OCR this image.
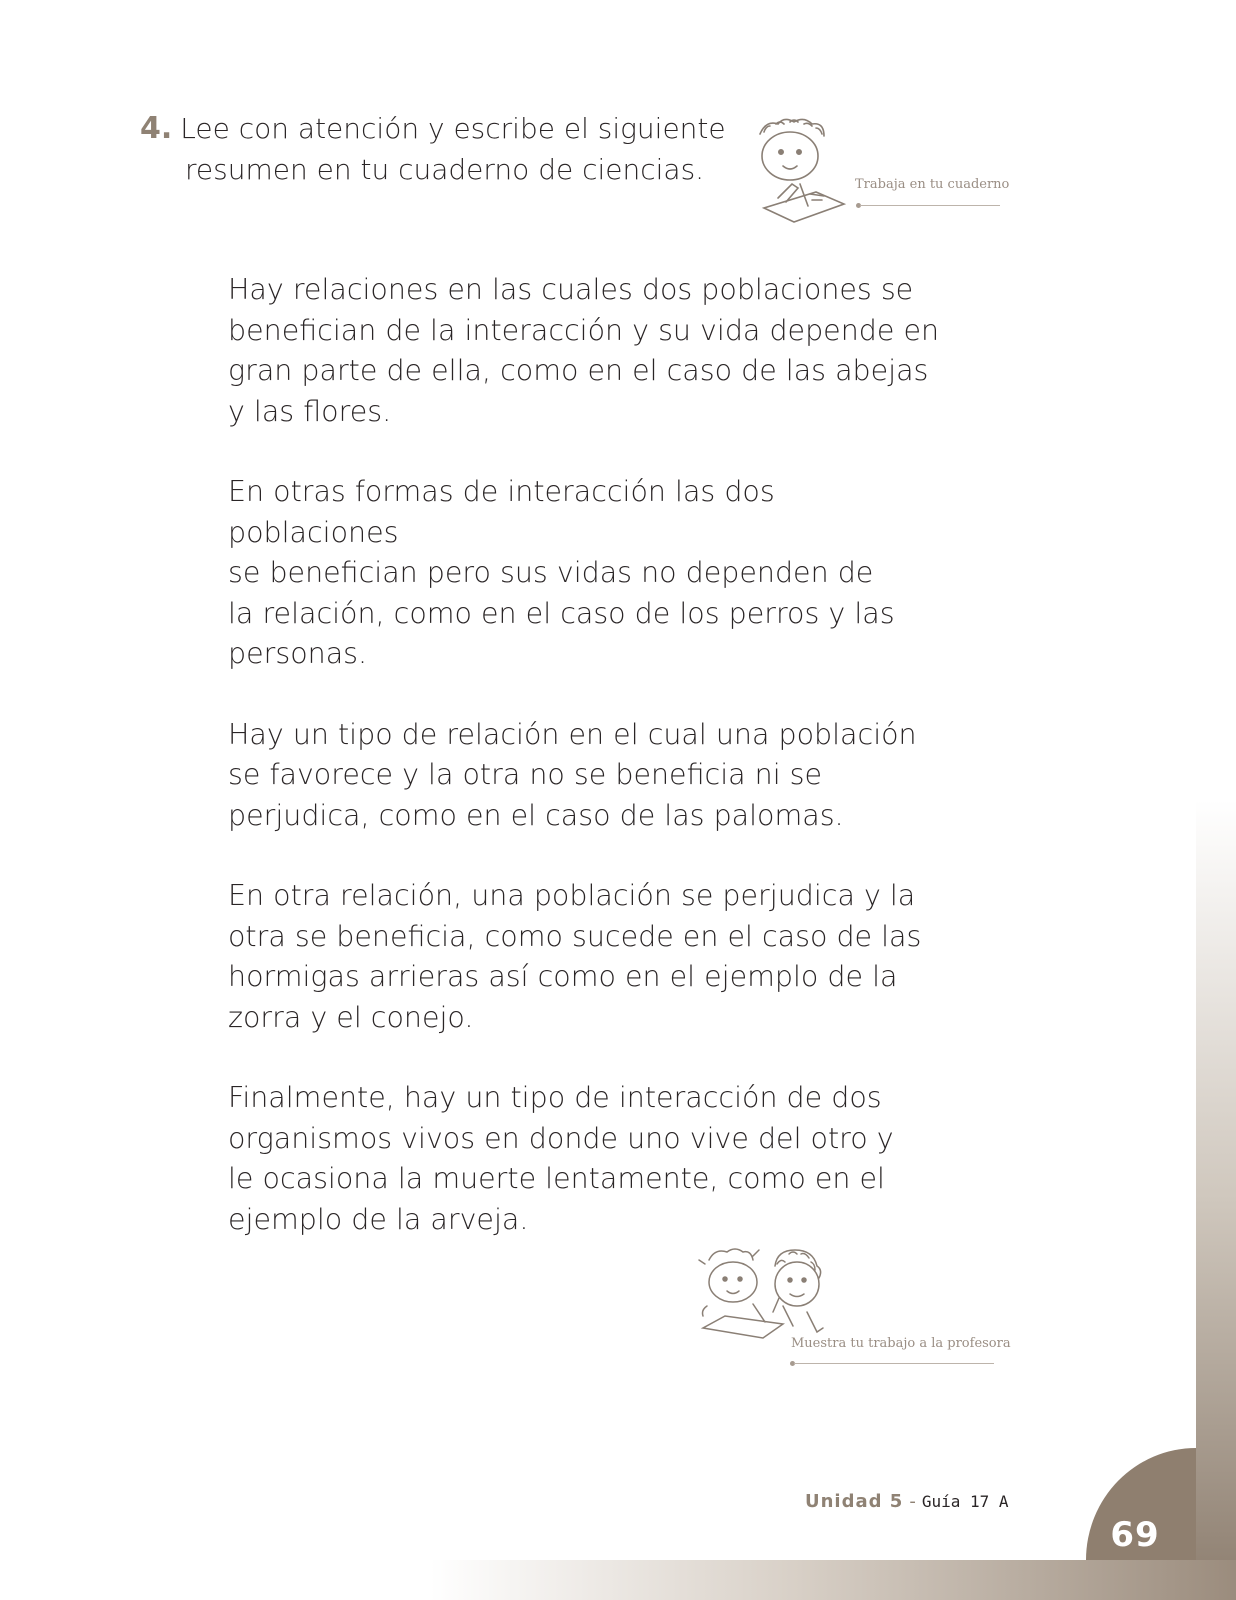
69
4. Lee con atención y escribe el siguiente
resumen en tu cuaderno de ciencias.	Trabaja en tu cuaderno

Hay relaciones en las cuales dos poblaciones se
benefician de la interacción y su vida depende en
gran parte de ella, como en el caso de las abejas
y las flores.

En otras formas de interacción las dos poblaciones
se benefician pero sus vidas no dependen de
la relación, como en el caso de los perros y las
personas.

Hay un tipo de relación en el cual una población
se favorece y la otra no se beneficia ni se
perjudica, como en el caso de las palomas.

En otra relación, una población se perjudica y la
otra se beneficia, como sucede en el caso de las
hormigas arrieras así como en el ejemplo de la
zorra y el conejo.

Finalmente, hay un tipo de interacción de dos
organismos vivos en donde uno vive del otro y
le ocasiona la muerte lentamente, como en el
ejemplo de la arveja.

Muestra tu trabajo a la profesora
Unidad 5 - Guía 17 A
